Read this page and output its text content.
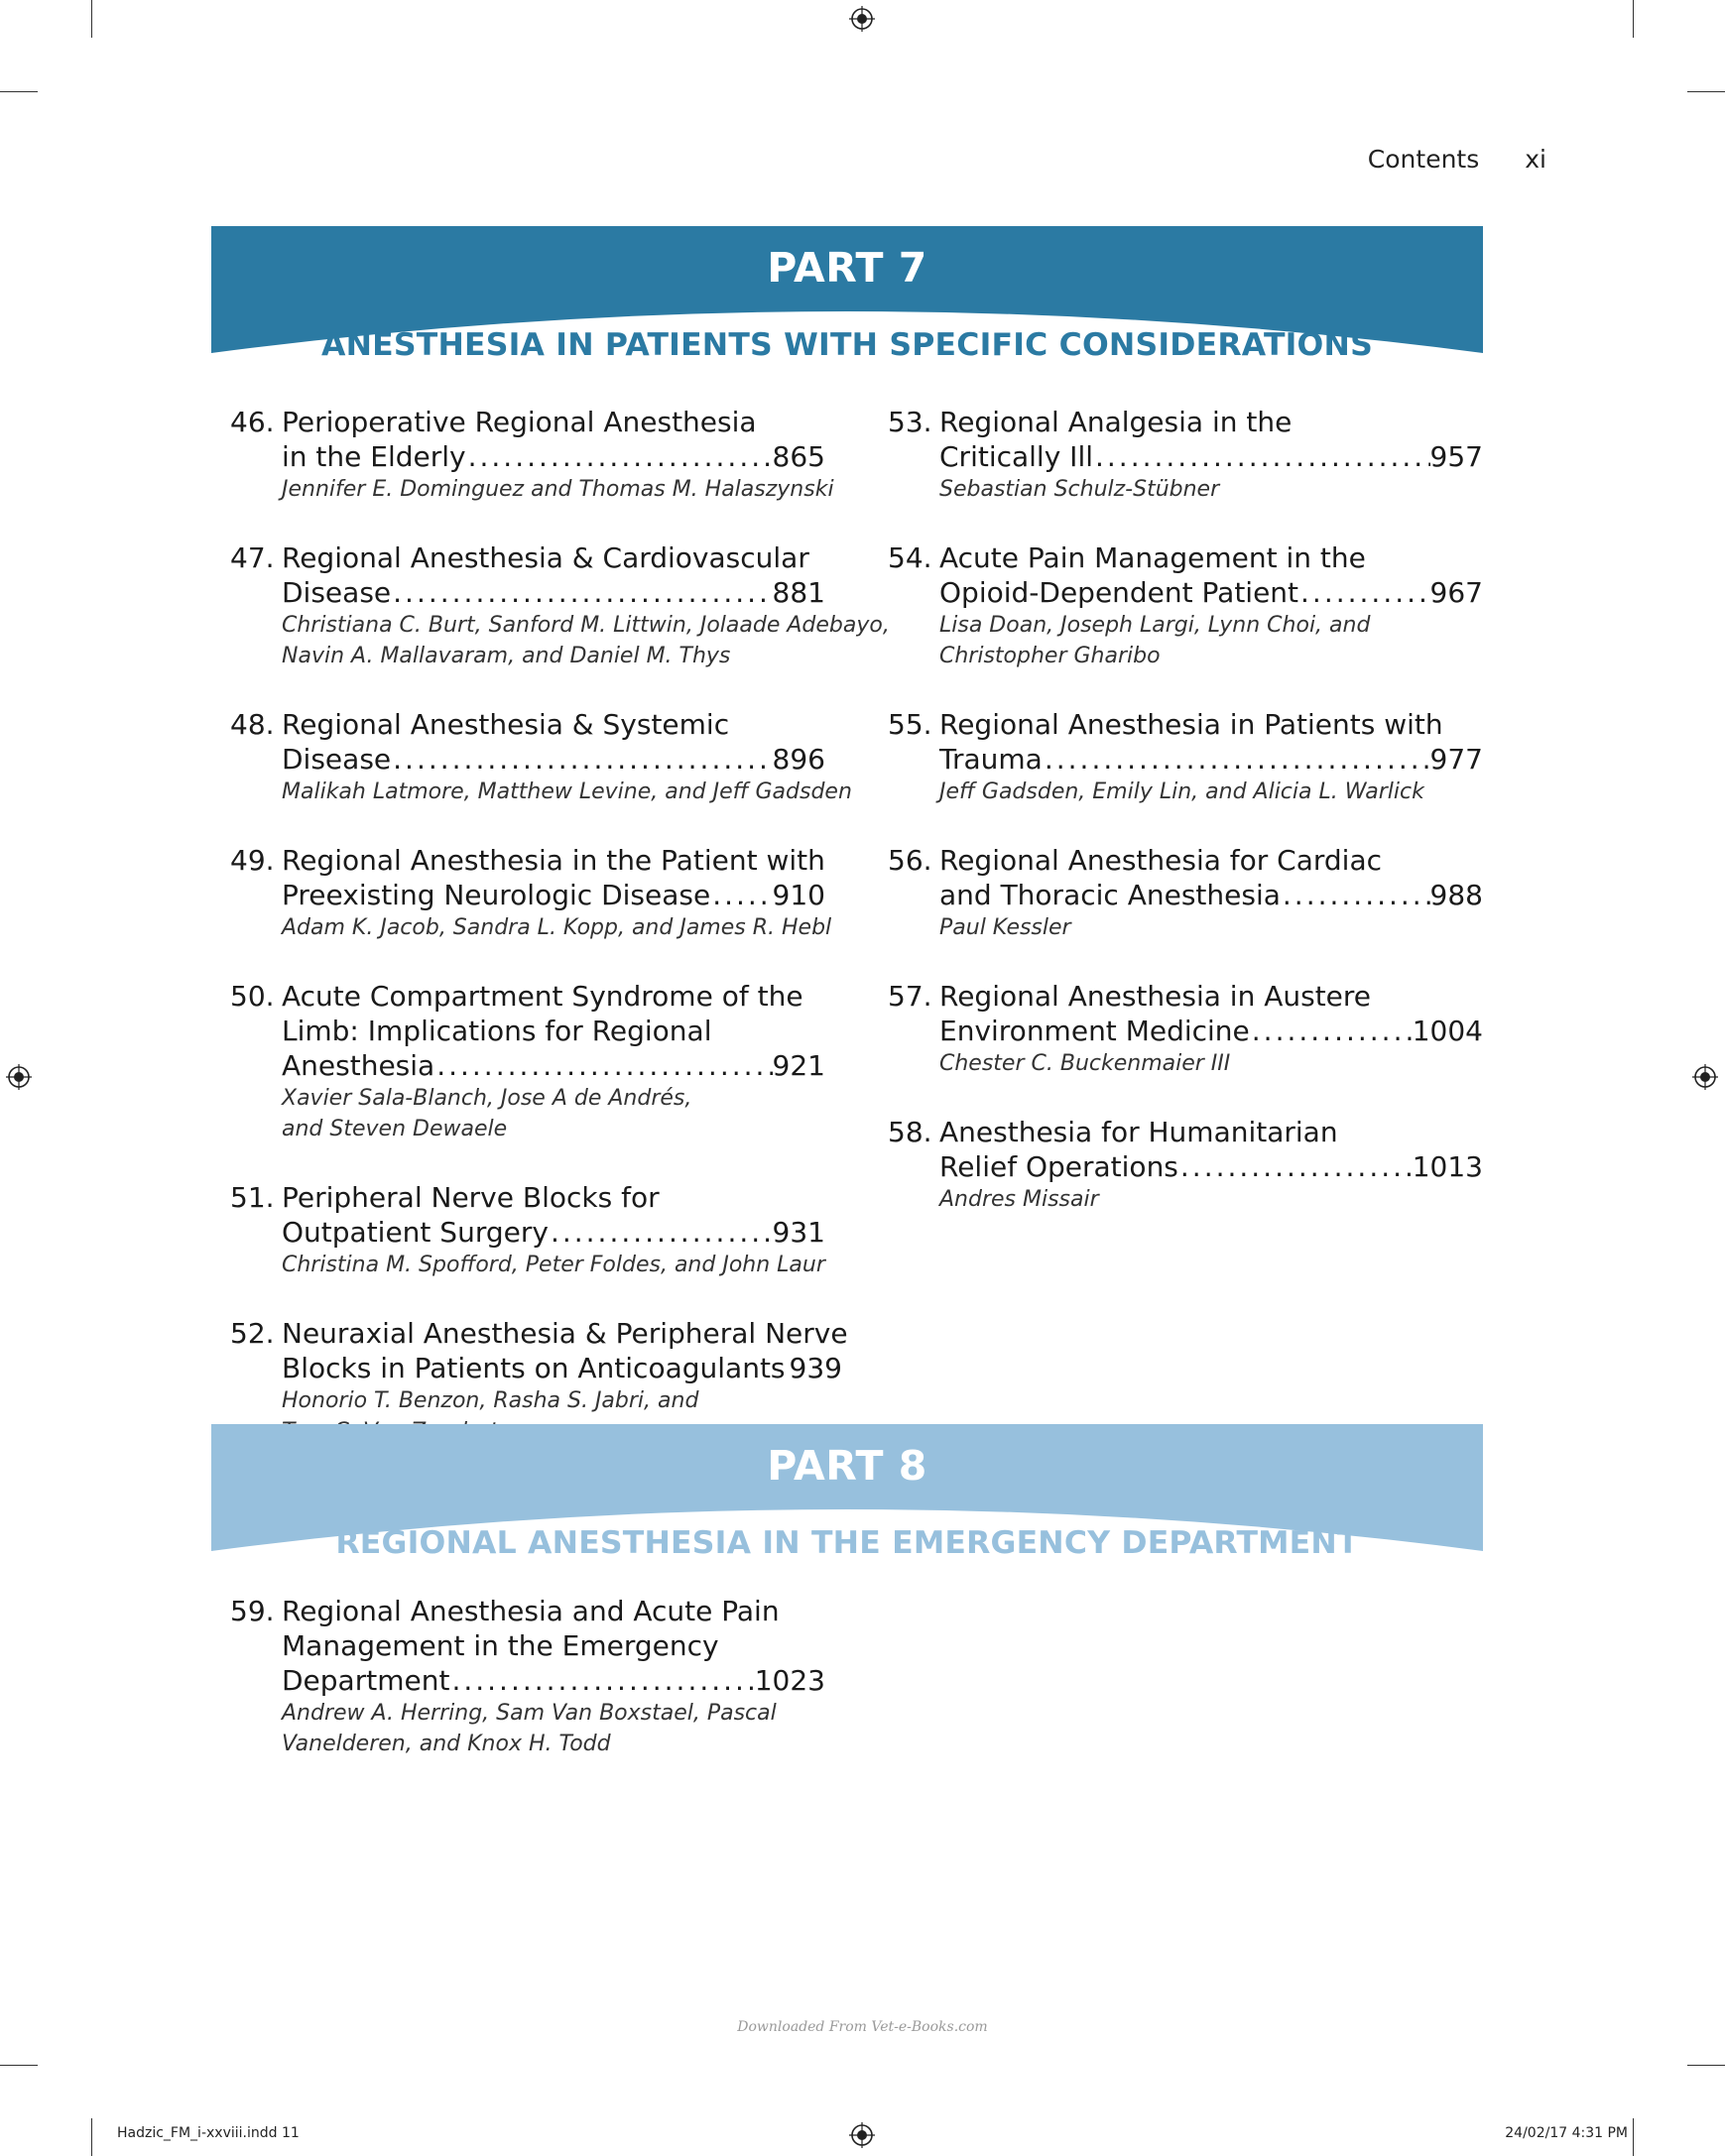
Contents xi
PART 7
ANESTHESIA IN PATIENTS WITH SPECIFIC CONSIDERATIONS
46. Perioperative Regional Anesthesia
in the Elderly .....	865
Jennifer E. Dominguez and Thomas M. Halaszynski
47. Regional Anesthesia & Cardiovascular
Disease .....	881
Christiana C. Burt, Sanford M. Littwin, Jolaade Adebayo,
Navin A. Mallavaram, and Daniel M. Thys
48. Regional Anesthesia & Systemic
Disease .....	896
Malikah Latmore, Matthew Levine, and Jeff Gadsden
49. Regional Anesthesia in the Patient with
Preexisting Neurologic Disease ..... 910
Adam K. Jacob, Sandra L. Kopp, and James R. Hebl
50. Acute Compartment Syndrome of the
Limb: Implications for Regional
Anesthesia .....	921
Xavier Sala-Blanch, Jose A de Andrés,
and Steven Dewaele
51. Peripheral Nerve Blocks for
Outpatient Surgery .....	931
Christina M. Spofford, Peter Foldes, and John Laur
52. Neuraxial Anesthesia & Peripheral Nerve
Blocks in Patients on Anticoagulants ..... 939
Honorio T. Benzon, Rasha S. Jabri, and
53. Regional Analgesia in the
Critically Ill .....	957
Sebastian Schulz-Stübner
54. Acute Pain Management in the
Opioid-Dependent Patient .....	967
Lisa Doan, Joseph Largi, Lynn Choi, and
Christopher Gharibo
55. Regional Anesthesia in Patients with
Trauma .....	977
Jeff Gadsden, Emily Lin, and Alicia L. Warlick
56. Regional Anesthesia for Cardiac
and Thoracic Anesthesia .....	988
Paul Kessler
57. Regional Anesthesia in Austere
Environment Medicine .....	1004
Chester C. Buckenmaier III
58. Anesthesia for Humanitarian
Relief Operations .....	1013
Andres Missair
PART 8
REGIONAL ANESTHESIA IN THE EMERGENCY DEPARTMENT
59. Regional Anesthesia and Acute Pain
Management in the Emergency
Department .....	1023
Andrew A. Herring, Sam Van Boxstael, Pascal
Vanelderen, and Knox H. Todd
Downloaded From Vet-e-Books.com
Hadzic_FM_i-xxviii.indd 11	24/02/17 4:31 PM
